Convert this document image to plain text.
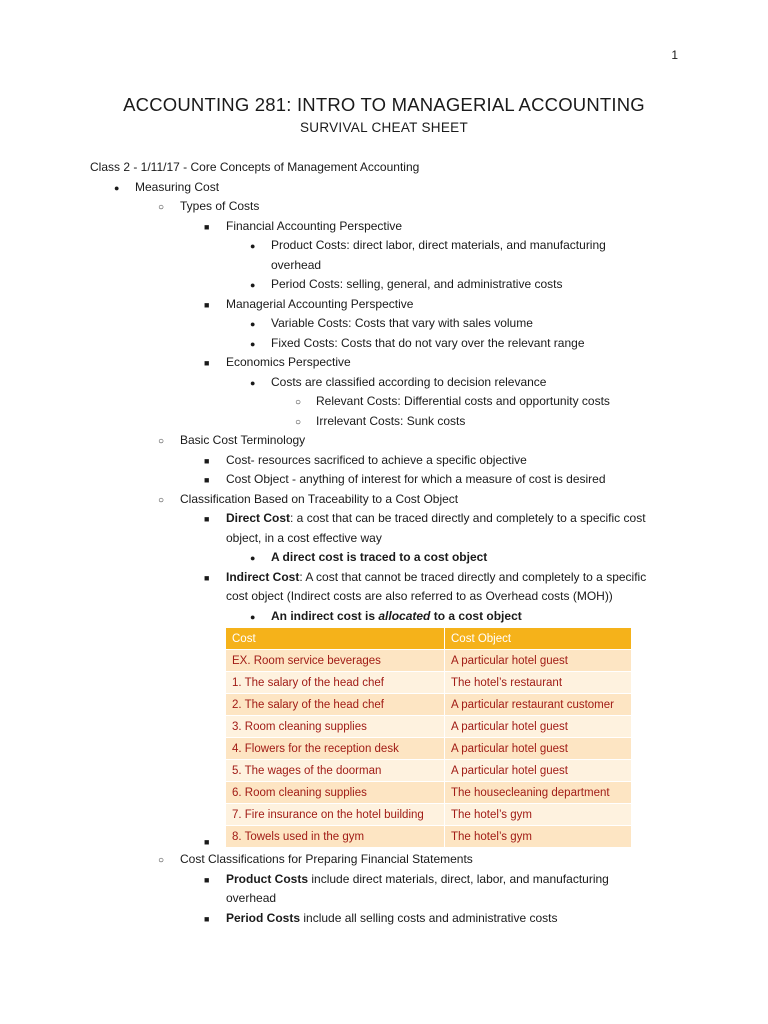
1
ACCOUNTING 281: INTRO TO MANAGERIAL ACCOUNTING
SURVIVAL CHEAT SHEET
Class 2 - 1/11/17 - Core Concepts of Management Accounting
●
Measuring Cost
○
Types of Costs
■
Financial Accounting Perspective
●
Product Costs: direct labor, direct materials, and manufacturing
overhead
●
Period Costs: selling, general, and administrative costs
■
Managerial Accounting Perspective
●
Variable Costs: Costs that vary with sales volume
●
Fixed Costs: Costs that do not vary over the relevant range
■
Economics Perspective
●
Costs are classified according to decision relevance
○
Relevant Costs: Differential costs and opportunity costs
○
Irrelevant Costs: Sunk costs
○
Basic Cost Terminology
■
Cost- resources sacrificed to achieve a specific objective
■
Cost Object - anything of interest for which a measure of cost is desired
○
Classification Based on Traceability to a Cost Object
■
Direct Cost: a cost that can be traced directly and completely to a specific cost
object, in a cost effective way
●
A direct cost is traced to a cost object
■
Indirect Cost: A cost that cannot be traced directly and completely to a specific
cost object (Indirect costs are also referred to as Overhead costs (MOH))
●
An indirect cost is allocated to a cost object
Cost	Cost Object
EX. Room service beverages	A particular hotel guest
1. The salary of the head chef	The hotel’s restaurant
2. The salary of the head chef	A particular restaurant customer
3. Room cleaning supplies	A particular hotel guest
4. Flowers for the reception desk	A particular hotel guest
5. The wages of the doorman	A particular hotel guest
6. Room cleaning supplies	The housecleaning department
7. Fire insurance on the hotel building	The hotel’s gym
8. Towels used in the gym	The hotel’s gym
■
○
Cost Classifications for Preparing Financial Statements
■
Product Costs include direct materials, direct, labor, and manufacturing
overhead
■
Period Costs include all selling costs and administrative costs
